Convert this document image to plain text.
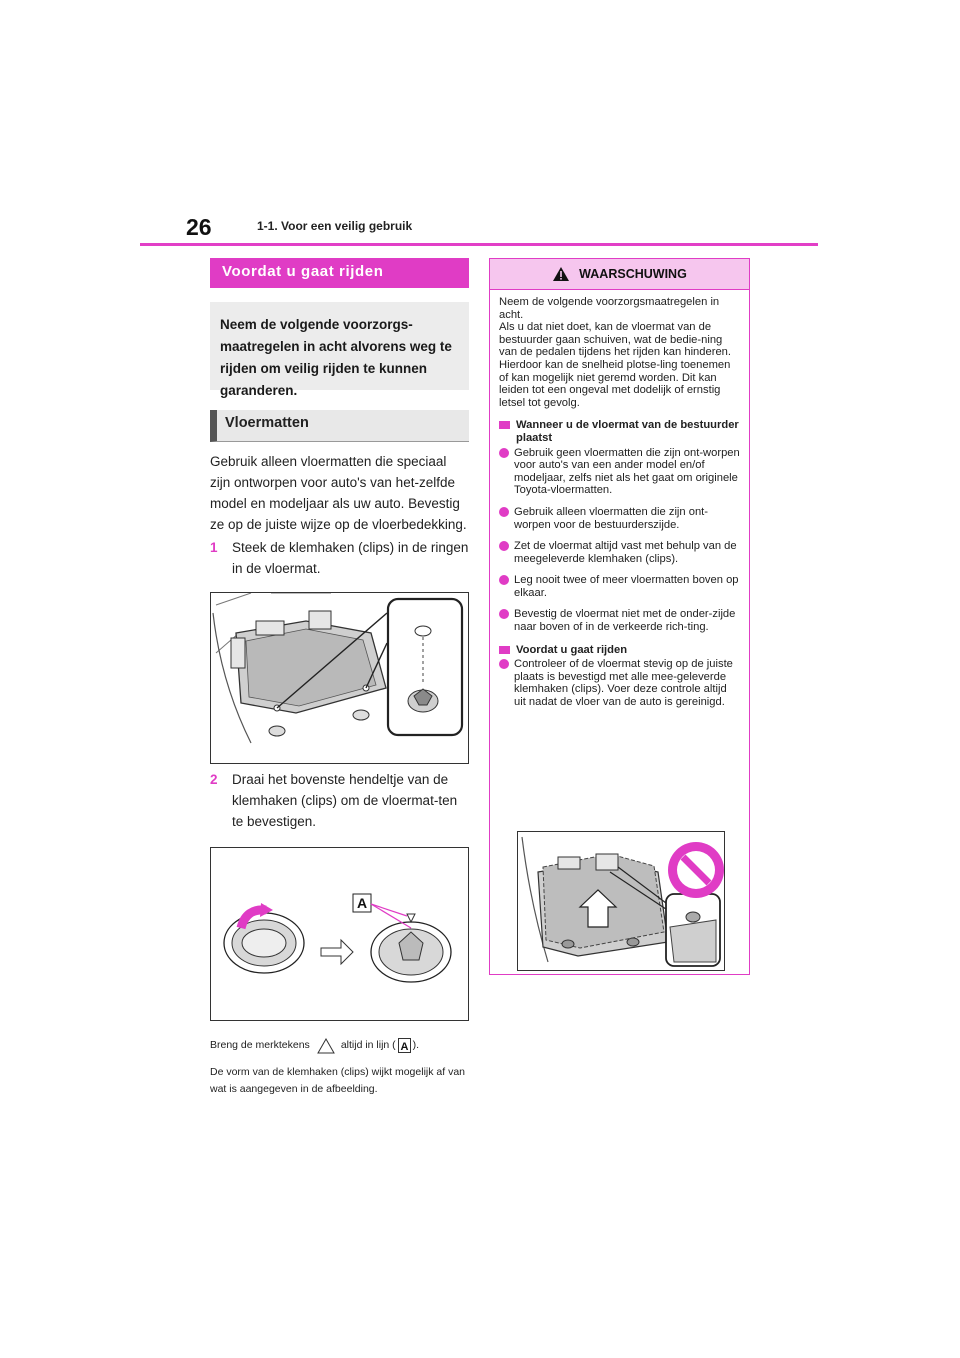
26	1-1. Voor een veilig gebruik
Voordat u gaat rijden
Neem de volgende voorzorgs-maatregelen in acht alvorens weg te rijden om veilig rijden te kunnen garanderen.
Vloermatten
Gebruik alleen vloermatten die speciaal zijn ontworpen voor auto's van het-zelfde model en modeljaar als uw auto. Bevestig ze op de juiste wijze op de vloerbedekking.
1	Steek de klemhaken (clips) in de ringen in de vloermat.
2	Draai het bovenste hendeltje van de klemhaken (clips) om de vloermat-ten te bevestigen.
A
Breng de merktekens	altijd in lijn ( A ).
De vorm van de klemhaken (clips) wijkt mogelijk af van wat is aangegeven in de afbeelding.
WAARSCHUWING
Neem de volgende voorzorgsmaatregelen in acht.
Als u dat niet doet, kan de vloermat van de bestuurder gaan schuiven, wat de bedie-ning van de pedalen tijdens het rijden kan hinderen. Hierdoor kan de snelheid plotse-ling toenemen of kan mogelijk niet geremd worden. Dit kan leiden tot een ongeval met dodelijk of ernstig letsel tot gevolg.
Wanneer u de vloermat van de bestuurder plaatst
Gebruik geen vloermatten die zijn ont-worpen voor auto's van een ander model en/of modeljaar, zelfs niet als het gaat om originele Toyota-vloermatten.
Gebruik alleen vloermatten die zijn ont-worpen voor de bestuurderszijde.
Zet de vloermat altijd vast met behulp van de meegeleverde klemhaken (clips).
Leg nooit twee of meer vloermatten boven op elkaar.
Bevestig de vloermat niet met de onder-zijde naar boven of in de verkeerde rich-ting.
Voordat u gaat rijden
Controleer of de vloermat stevig op de juiste plaats is bevestigd met alle mee-geleverde klemhaken (clips). Voer deze controle altijd uit nadat de vloer van de auto is gereinigd.
